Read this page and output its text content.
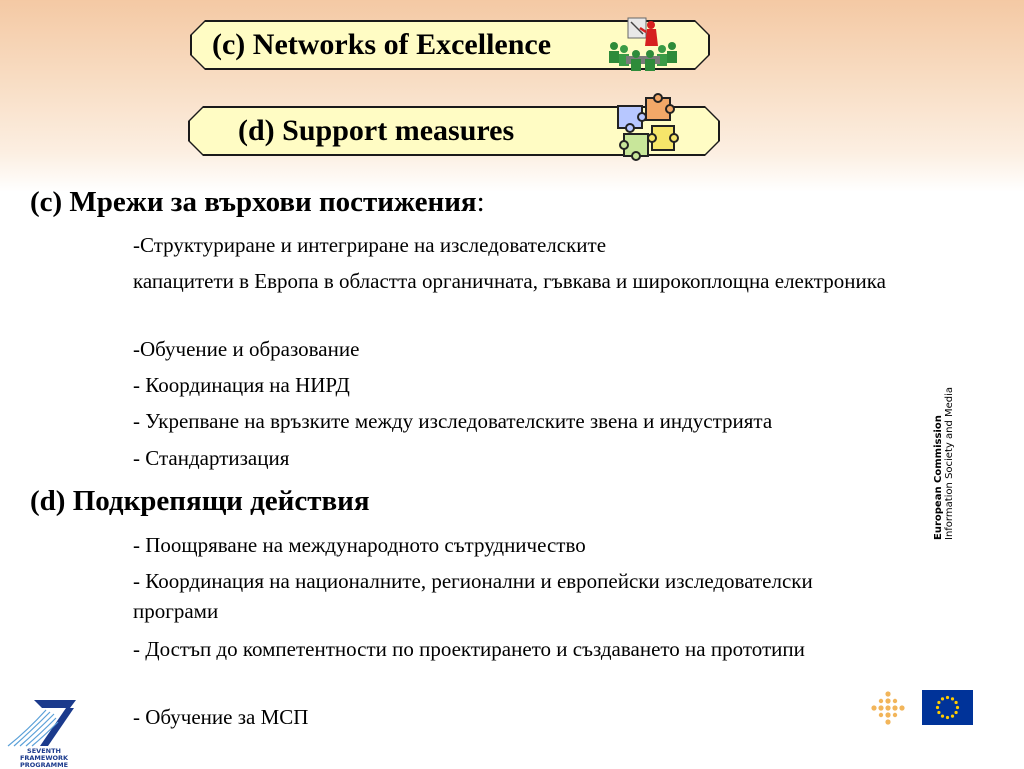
(c) Networks of Excellence
(d) Support measures
(c) Мрежи за върхови постижения:
-Структуриране и интегриране на изследователските
капацитети в Европа в областта органичната, гъвкава и широкоплощна електроника
-Обучение и образование
- Координация на НИРД
- Укрепване на връзките между изследователските звена и индустрията
- Стандартизация
(d) Подкрепящи действия
- Поощряване на международното сътрудничество
- Координация на националните, регионални и европейски изследователски програми
- Достъп до компетентности по проектирането и създаването на прототипи
- Обучение за МСП
European Commission Information Society and Media
SEVENTH FRAMEWORK
PROGRAMME
